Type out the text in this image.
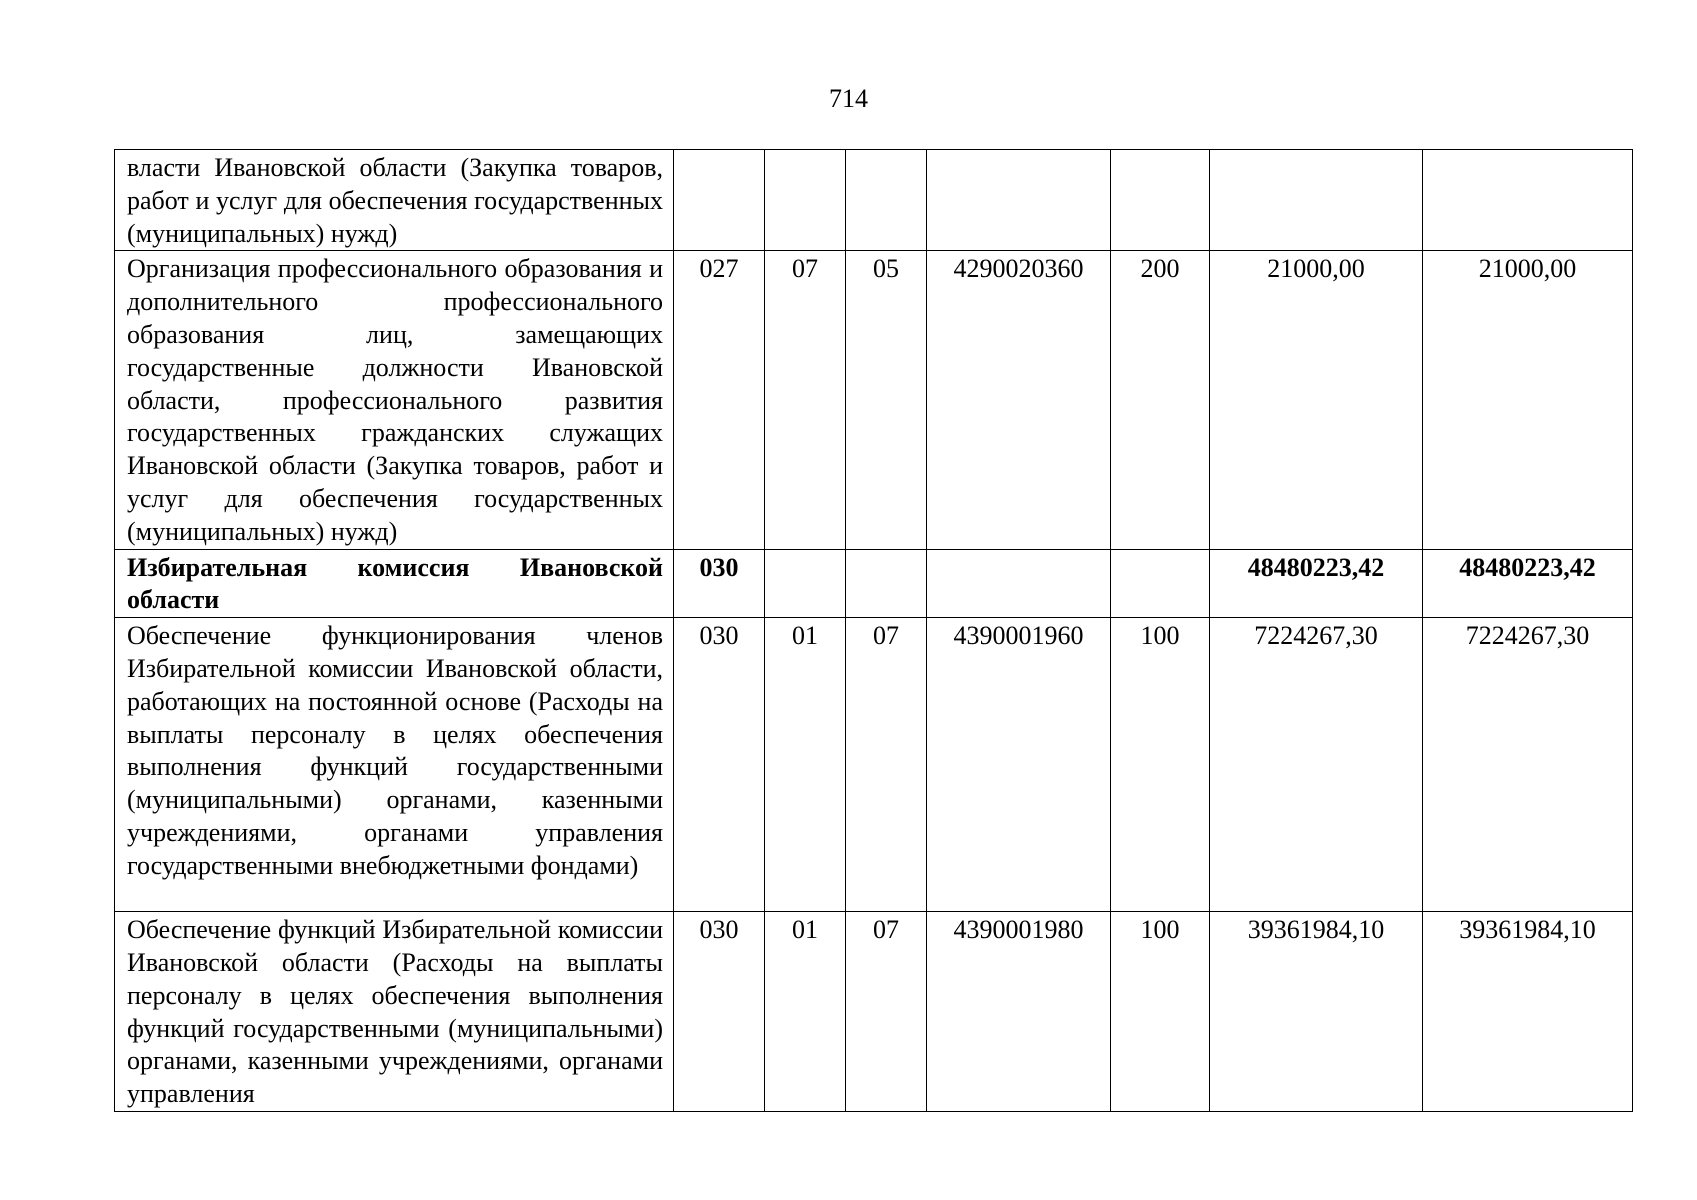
714
власти Ивановской области (Закупка товаров, работ и услуг для обеспечения государственных (муниципальных) нужд)							
Организация профессионального образования и дополнительного профессионального образования лиц, замещающих государственные должности Ивановской области, профессионального развития государственных гражданских служащих Ивановской области (Закупка товаров, работ и услуг для обеспечения государственных (муниципальных) нужд)	027	07	05	4290020360	200	21000,00	21000,00
Избирательная комиссия Ивановской области	030					48480223,42	48480223,42
Обеспечение функционирования членов Избирательной комиссии Ивановской области, работающих на постоянной основе (Расходы на выплаты персоналу в целях обеспечения выполнения функций государственными (муниципальными) органами, казенными учреждениями, органами управления государственными внебюджетными фондами)	030	01	07	4390001960	100	7224267,30	7224267,30
Обеспечение функций Избирательной комиссии Ивановской области (Расходы на выплаты персоналу в целях обеспечения выполнения функций государственными (муниципальными) органами, казенными учреждениями, органами управления	030	01	07	4390001980	100	39361984,10	39361984,10
